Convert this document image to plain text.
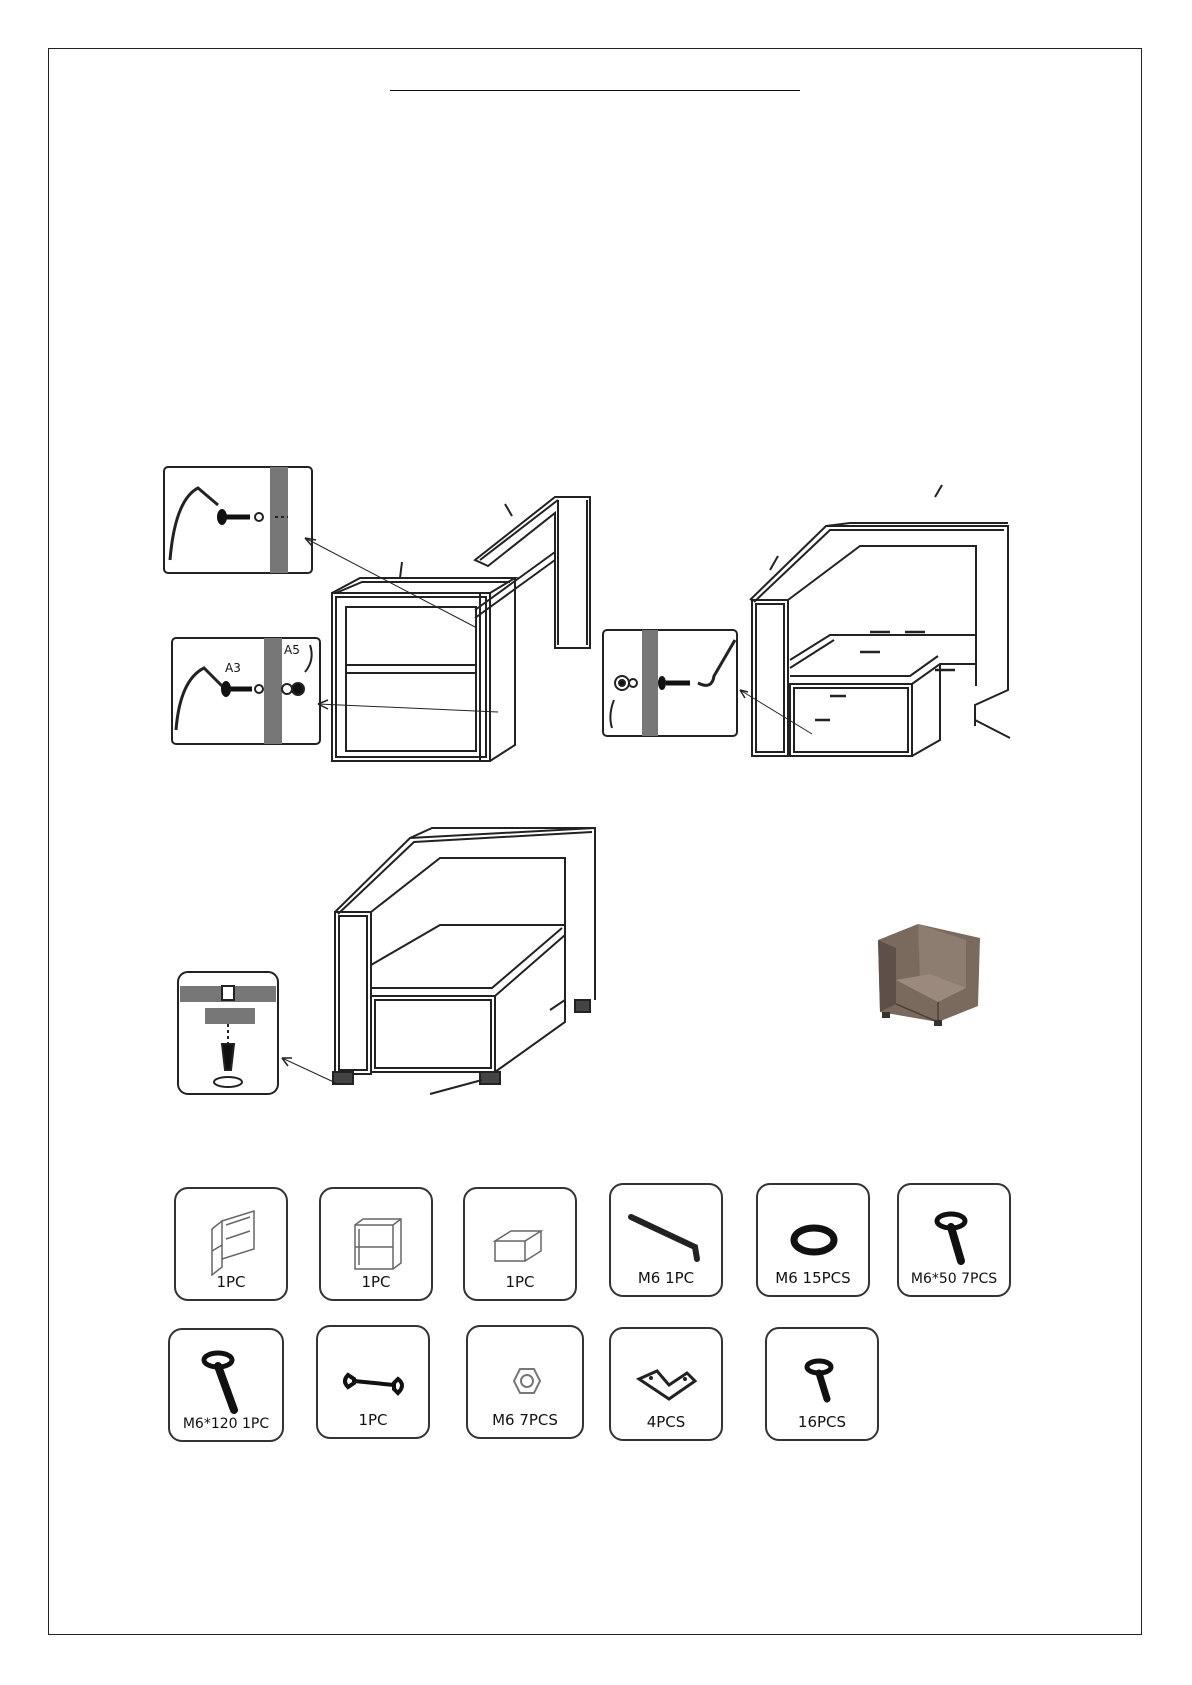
A3
A5
1PC	1PC	1PC	M6 1PC	M6 15PCS	M6*50 7PCS
M6*120 1PC	1PC	M6 7PCS	4PCS	16PCS
